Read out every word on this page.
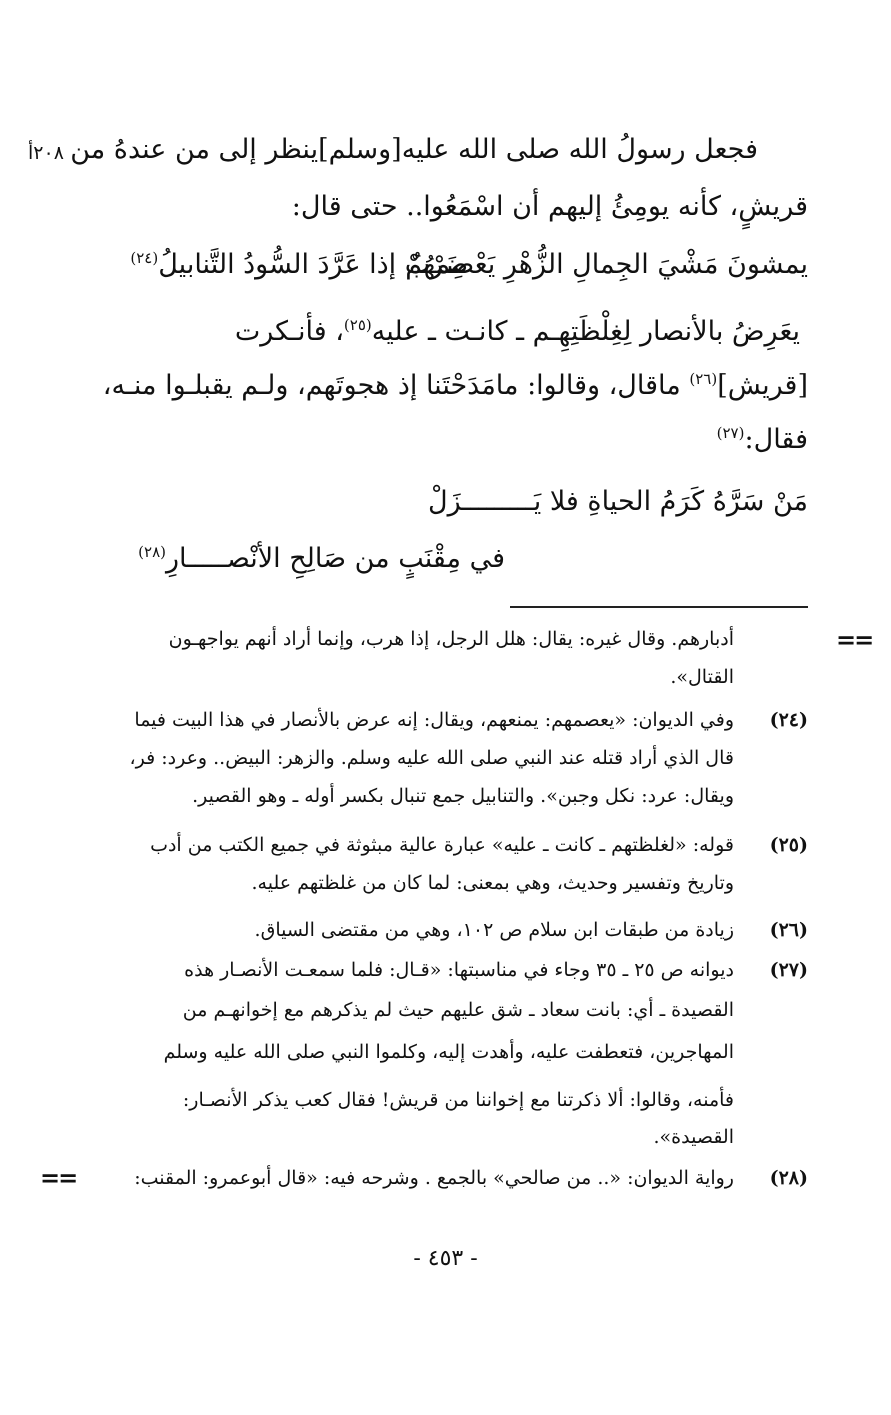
٢٠٨أ فجعل رسولُ الله صلى الله عليه[وسلم]ينظر إلى من عندهُ من
قريشٍ، كأنه يومِئُ إليهم أن اسْمَعُوا.. حتى قال:
ضَرْبٌ إذا عَرَّدَ السُّودُ التَّنابيلُ$^{(٢٤)}$	يمشونَ مَشْيَ الجِمالِ الزُّهْرِ يَعْصِمهُمْ
يعَرِضُ بالأنصار لِغِلْظَتِهِـم ـ كانـت ـ عليه$^{(٢٥)}$، فأنـكرت
[قريش]$^{(٢٦)}$ ماقال، وقالوا: مامَدَحْتَنا إذ هجوتَهم، ولـم يقبلـوا منـه،
فقال:$^{(٢٧)}$
مَنْ سَرَّهُ كَرَمُ الحياةِ فلا يَـــــــــزَلْ
في مِقْنَبٍ من صَالِحِ الأنْصـــــارِ$^{(٢٨)}$
==
==
أدبارهم. وقال غيره: يقال: هلل الرجل، إذا هرب، وإنما أراد أنهم يواجهـون
القتال».
(٢٤)
وفي الديوان: «يعصمهم: يمنعهم، ويقال: إنه عرض بالأنصار في هذا البيت فيما
قال الذي أراد قتله عند النبي صلى الله عليه وسلم. والزهر: البيض.. وعرد: فر،
ويقال: عرد: نكل وجبن». والتنابيل جمع تنبال بكسر أوله ـ وهو القصير.
(٢٥)
قوله: «لغلظتهم ـ كانت ـ عليه» عبارة عالية مبثوثة في جميع الكتب من أدب
وتاريخ وتفسير وحديث، وهي بمعنى: لما كان من غلظتهم عليه.
(٢٦)
زيادة من طبقات ابن سلام ص ١٠٢، وهي من مقتضى السياق.
(٢٧)
ديوانه ص ٢٥ ـ ٣٥ وجاء في مناسبتها: «قـال: فلما سمعـت الأنصـار هذه
القصيدة ـ أي: بانت سعاد ـ شق عليهم حيث لم يذكرهم مع إخوانهـم من
المهاجرين، فتعطفت عليه، وأهدت إليه، وكلموا النبي صلى الله عليه وسلم
فأمنه، وقالوا: ألا ذكرتنا مع إخواننا من قريش! فقال كعب يذكر الأنصـار:
القصيدة».
(٢٨)
رواية الديوان: «.. من صالحي» بالجمع . وشرحه فيه: «قال أبوعمرو: المقنب:
- ٤٥٣ -
